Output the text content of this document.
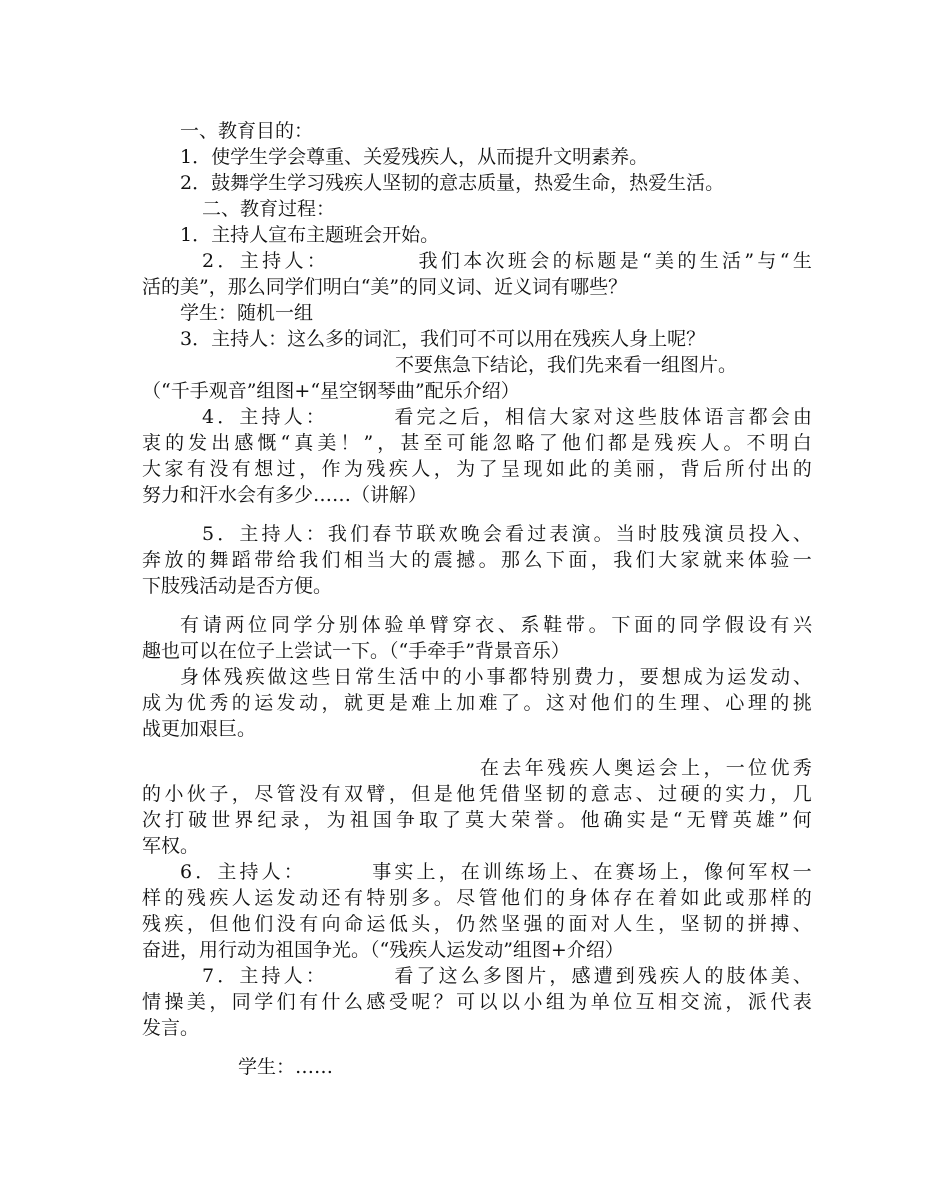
一、教育目的：
1．使学生学会尊重、关爱残疾人，从而提升文明素养。
2．鼓舞学生学习残疾人坚韧的意志质量，热爱生命，热爱生活。
二、教育过程：
1．主持人宣布主题班会开始。
2 ． 主 持 人 ：

　	我 们 本 次 班 会 的 标 题 是 “ 美 的 生 活 ” 与 “ 生
活的美”，那么同学们明白“美”的同义词、近义词有哪些？
学生：随机一组
3．主持人：这么多的词汇，我们可不可以用在残疾人身上呢？
不要焦急下结论，我们先来看一组图片。
（“千手观音”组图+“星空钢琴曲”配乐介绍）
4 ． 主 持 人 ：

　	看 完 之 后 ， 相 信 大 家 对 这 些 肢 体 语 言 都 会 由
衷 的 发 出 感 慨 “ 真 美 ！ ” ， 甚 至 可 能 忽 略 了 他 们 都 是 残 疾 人 。 不 明 白
大 家 有 没 有 想 过 ， 作 为 残 疾 人 ， 为 了 呈 现 如 此 的 美 丽 ， 背 后 所 付 出 的
努力和汗水会有多少……（讲解）
5 ． 主 持 人 ： 我 们 春 节 联 欢 晚 会 看 过 表 演 。 当 时 肢 残 演 员 投 入 、
奔 放 的 舞 蹈 带 给 我 们 相 当 大 的 震 撼 。 那 么 下 面 ， 我 们 大 家 就 来 体 验 一
下肢残活动是否方便。
有 请 两 位 同 学 分 别 体 验 单 臂 穿 衣 、 系 鞋 带 。 下 面 的 同 学 假 设 有 兴
趣也可以在位子上尝试一下。（“手牵手”背景音乐）
身 体 残 疾 做 这 些 日 常 生 活 中 的 小 事 都 特 别 费 力 ， 要 想 成 为 运 发 动 、
成 为 优 秀 的 运 发 动 ， 就 更 是 难 上 加 难 了 。 这 对 他 们 的 生 理 、 心 理 的 挑
战更加艰巨。
在 去 年 残 疾 人 奥 运 会 上 ， 一 位 优 秀
的 小 伙 子 ， 尽 管 没 有 双 臂 ， 但 是 他 凭 借 坚 韧 的 意 志 、 过 硬 的 实 力 ， 几
次 打 破 世 界 纪 录 ， 为 祖 国 争 取 了 莫 大 荣 誉 。 他 确 实 是 “ 无 臂 英 雄 ” 何
军权。
6 ． 主 持 人 ：

　	事 实 上 ， 在 训 练 场 上 、 在 赛 场 上 ， 像 何 军 权 一
样 的 残 疾 人 运 发 动 还 有 特 别 多 。 尽 管 他 们 的 身 体 存 在 着 如 此 或 那 样 的
残 疾 ， 但 他 们 没 有 向 命 运 低 头 ， 仍 然 坚 强 的 面 对 人 生 ， 坚 韧 的 拼 搏 、
奋进，用行动为祖国争光。（“残疾人运发动”组图+介绍）
7 ． 主 持 人 ：

　	看 了 这 么 多 图 片 ， 感 遭 到 残 疾 人 的 肢 体 美 、
情 操 美 ， 同 学 们 有 什 么 感 受 呢 ？ 可 以 以 小 组 为 单 位 互 相 交 流 ， 派 代 表
发言。
学生：……
